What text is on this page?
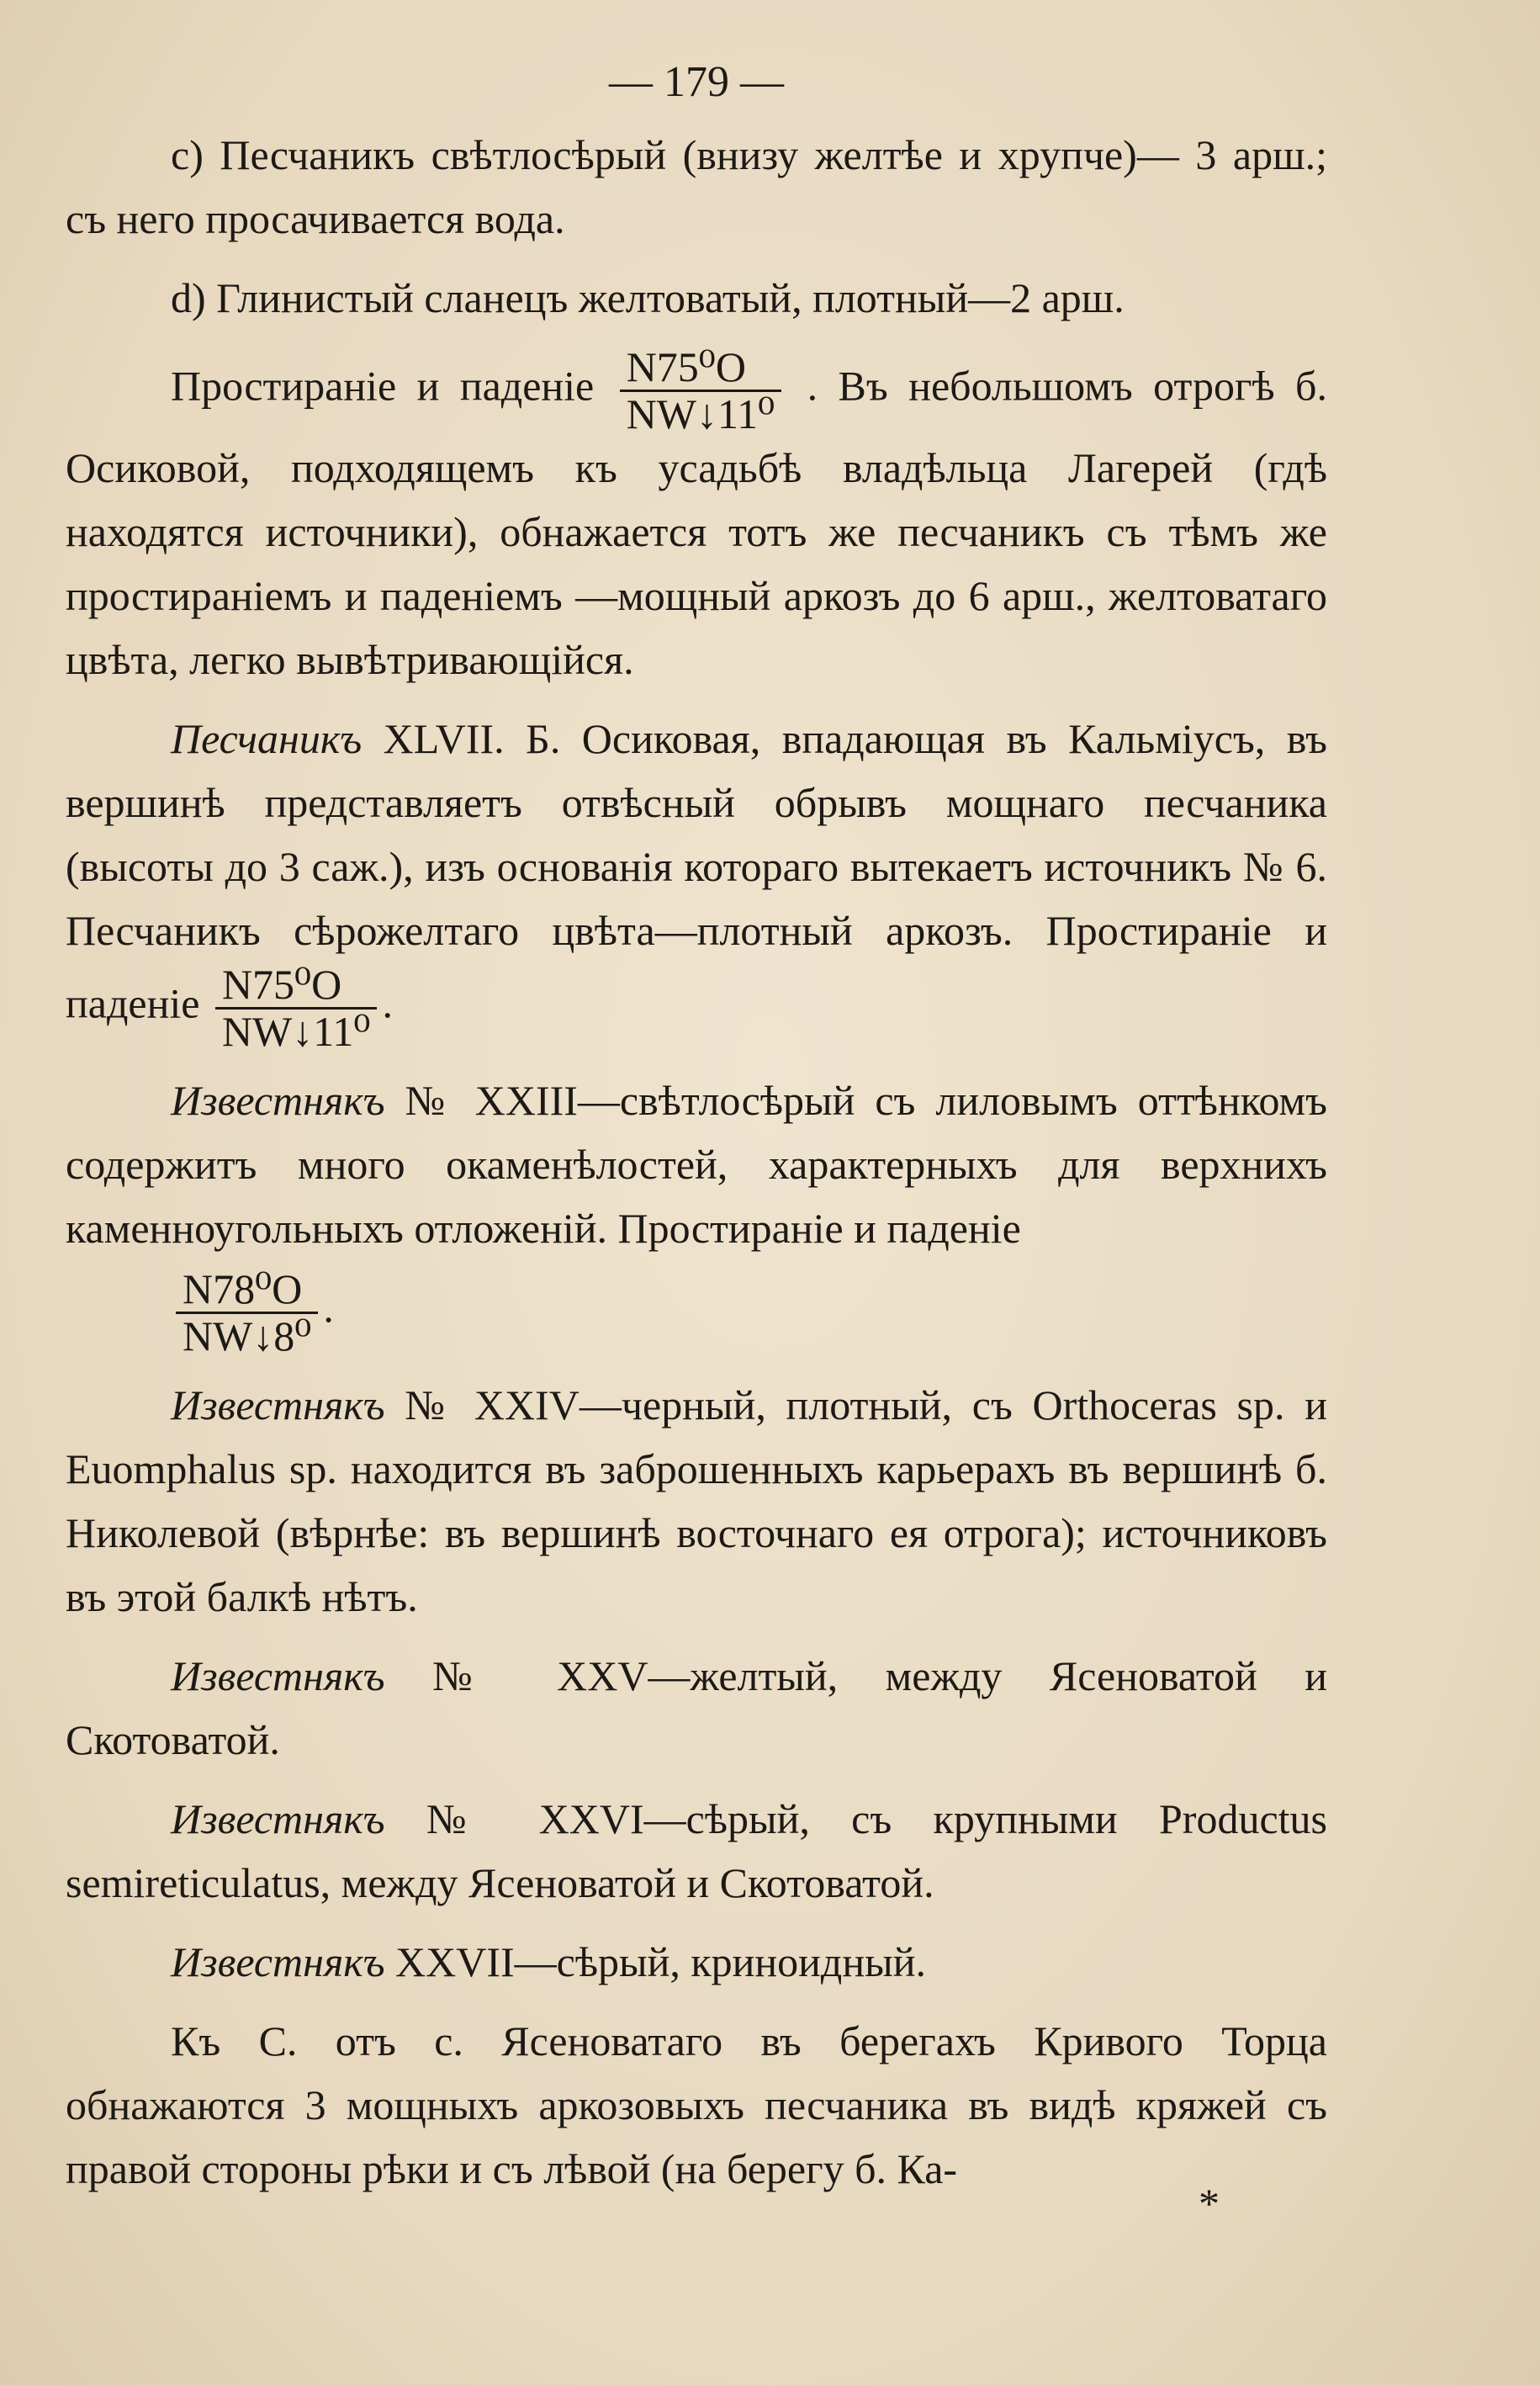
— 179 —

c) Песчаникъ свѣтлосѣрый (внизу желтѣе и хрупче)— 3 арш.; съ него просачивается вода.

d) Глинистый сланецъ желтоватый, плотный—2 арш.

Простираніе и паденіе $\frac{\text{N75⁰O}}{\text{NW↓11⁰}}$ . Въ небольшомъ отрогѣ б. Осиковой, подходящемъ къ усадьбѣ владѣльца Лагерей (гдѣ находятся источники), обнажается тотъ же песчаникъ съ тѣмъ же простираніемъ и паденіемъ —мощный аркозъ до 6 арш., желтоватаго цвѣта, легко вывѣтривающійся.

Песчаникъ XLVII. Б. Осиковая, впадающая въ Кальміусъ, въ вершинѣ представляетъ отвѣсный обрывъ мощнаго песчаника (высоты до 3 саж.), изъ основанія котораго вытекаетъ источникъ № 6. Песчаникъ сѣрожелтаго цвѣта—плотный аркозъ. Простираніе и паденіе $\frac{\text{N75⁰O}}{\text{NW↓11⁰}}$ .

Известнякъ № XXIII—свѣтлосѣрый съ лиловымъ оттѣнкомъ содержитъ много окаменѣлостей, характерныхъ для верхнихъ каменноугольныхъ отложеній. Простираніе и паденіе
$\frac{\text{N78⁰O}}{\text{NW↓8⁰}}$ .

Известнякъ № XXIV—черный, плотный, съ Orthoceras sp. и Euomphalus sp. находится въ заброшенныхъ карьерахъ въ вершинѣ б. Николевой (вѣрнѣе: въ вершинѣ восточнаго ея отрога); источниковъ въ этой балкѣ нѣтъ.

Известнякъ № XXV—желтый, между Ясеноватой и Скотоватой.

Известнякъ № XXVI—сѣрый, съ крупными Productus semireticulatus, между Ясеноватой и Скотоватой.

Известнякъ XXVII—сѣрый, криноидный.

Къ С. отъ с. Ясеноватаго въ берегахъ Кривого Торца обнажаются 3 мощныхъ аркозовыхъ песчаника въ видѣ кряжей съ правой стороны рѣки и съ лѣвой (на берегу б. Ка-

*
